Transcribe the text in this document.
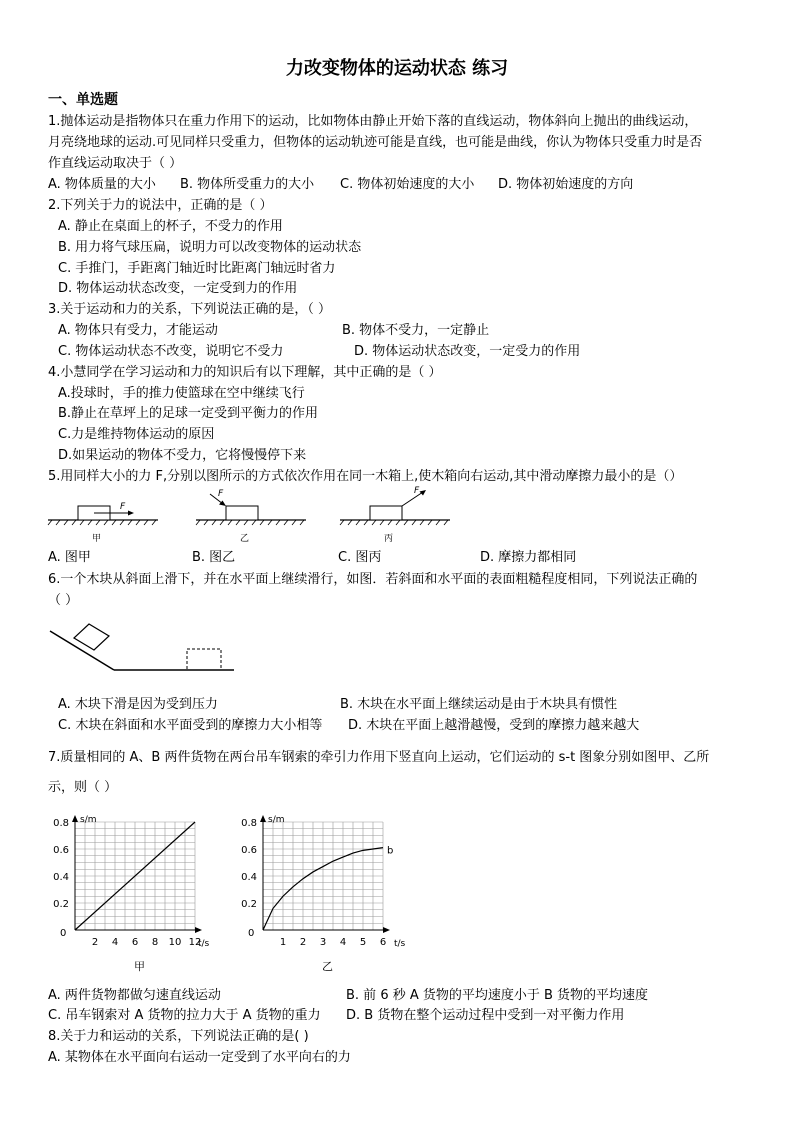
力改变物体的运动状态 练习
一、单选题
1.抛体运动是指物体只在重力作用下的运动，比如物体由静止开始下落的直线运动，物体斜向上抛出的曲线运动，
月亮绕地球的运动.可见同样只受重力，但物体的运动轨迹可能是直线，也可能是曲线，你认为物体只受重力时是否
作直线运动取决于（ ）
A. 物体质量的大小 B. 物体所受重力的大小 C. 物体初始速度的大小 D. 物体初始速度的方向
2.下列关于力的说法中，正确的是（ ）
A. 静止在桌面上的杯子，不受力的作用
B. 用力将气球压扁，说明力可以改变物体的运动状态
C. 手推门，手距离门轴近时比距离门轴远时省力
D. 物体运动状态改变，一定受到力的作用
3.关于运动和力的关系，下列说法正确的是，（ ）
A. 物体只有受力，才能运动	B. 物体不受力，一定静止
C. 物体运动状态不改变，说明它不受力	D. 物体运动状态改变，一定受力的作用
4.小慧同学在学习运动和力的知识后有以下理解，其中正确的是（ ）
A.投球时，手的推力使篮球在空中继续飞行
B.静止在草坪上的足球一定受到平衡力的作用
C.力是维持物体运动的原因
D.如果运动的物体不受力，它将慢慢停下来
5.用同样大小的力 F,分别以图所示的方式依次作用在同一木箱上,使木箱向右运动,其中滑动摩擦力最小的是（）
F
甲
F
乙
F
丙
A. 图甲	B. 图乙	C. 图丙	D. 摩擦力都相同
6.一个木块从斜面上滑下，并在水平面上继续滑行，如图．若斜面和水平面的表面粗糙程度相同，下列说法正确的
（ ）
A. 木块下滑是因为受到压力	B. 木块在水平面上继续运动是由于木块具有惯性
C. 木块在斜面和水平面受到的摩擦力大小相等 D. 木块在平面上越滑越慢，受到的摩擦力越来越大
7.质量相同的 A、B 两件货物在两台吊车钢索的牵引力作用下竖直向上运动，它们运动的 s-t 图象分别如图甲、乙所
示，则（ ）
s/m
t/s
0
0.2
0.4
0.6
0.8
2 4 6 8 10 12
甲
s/m
t/s
0
0.2
0.4
0.6
0.8
1 2 3 4 5 6
b
乙
A. 两件货物都做匀速直线运动	B. 前 6 秒 A 货物的平均速度小于 B 货物的平均速度
C. 吊车钢索对 A 货物的拉力大于 A 货物的重力 D. B 货物在整个运动过程中受到一对平衡力作用
8.关于力和运动的关系，下列说法正确的是( )
A. 某物体在水平面向右运动一定受到了水平向右的力
